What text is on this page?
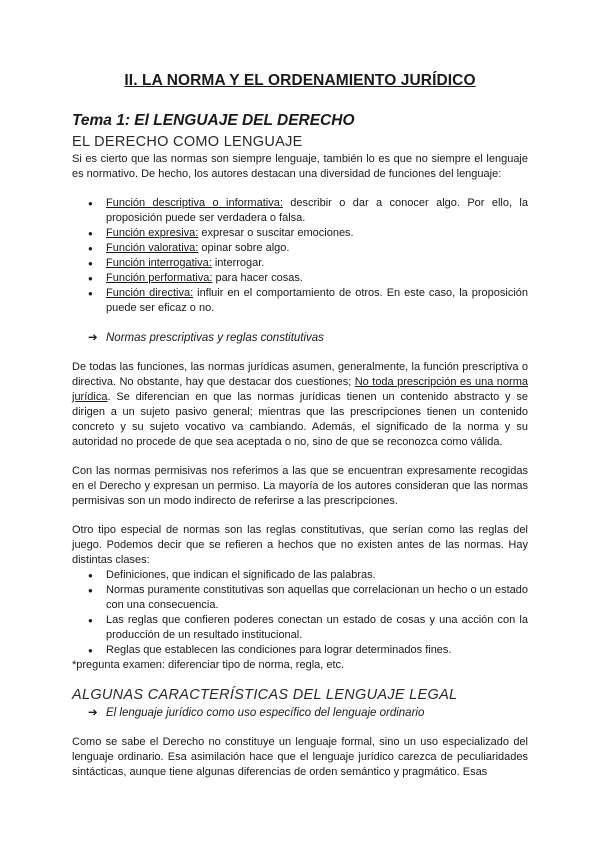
II. LA NORMA Y EL ORDENAMIENTO JURÍDICO
Tema 1: El LENGUAJE DEL DERECHO
EL DERECHO COMO LENGUAJE

Si es cierto que las normas son siempre lenguaje, también lo es que no siempre el lenguaje es normativo. De hecho, los autores destacan una diversidad de funciones del lenguaje:

● Función descriptiva o informativa: describir o dar a conocer algo. Por ello, la proposición puede ser verdadera o falsa.
● Función expresiva: expresar o suscitar emociones.
● Función valorativa: opinar sobre algo.
● Función interrogativa: interrogar.
● Función performativa: para hacer cosas.
● Función directiva: influir en el comportamiento de otros. En este caso, la proposición puede ser eficaz o no.
➔ Normas prescriptivas y reglas constitutivas

De todas las funciones, las normas jurídicas asumen, generalmente, la función prescriptiva o directiva. No obstante, hay que destacar dos cuestiones; No toda prescripción es una norma jurídica. Se diferencian en que las normas jurídicas tienen un contenido abstracto y se dirigen a un sujeto pasivo general; mientras que las prescripciones tienen un contenido concreto y su sujeto vocativo va cambiando. Además, el significado de la norma y su autoridad no procede de que sea aceptada o no, sino de que se reconozca como válida.

Con las normas permisivas nos referimos a las que se encuentran expresamente recogidas en el Derecho y expresan un permiso. La mayoría de los autores consideran que las normas permisivas son un modo indirecto de referirse a las prescripciones.

Otro tipo especial de normas son las reglas constitutivas, que serían como las reglas del juego. Podemos decir que se refieren a hechos que no existen antes de las normas. Hay distintas clases:

● Definiciones, que indican el significado de las palabras.
● Normas puramente constitutivas son aquellas que correlacionan un hecho o un estado con una consecuencia.
● Las reglas que confieren poderes conectan un estado de cosas y una acción con la producción de un resultado institucional.
● Reglas que establecen las condiciones para lograr determinados fines.

*pregunta examen: diferenciar tipo de norma, regla, etc.

ALGUNAS CARACTERÍSTICAS DEL LENGUAJE LEGAL
➔ El lenguaje jurídico como uso específico del lenguaje ordinario

Como se sabe el Derecho no constituye un lenguaje formal, sino un uso especializado del lenguaje ordinario. Esa asimilación hace que el lenguaje jurídico carezca de peculiaridades sintácticas, aunque tiene algunas diferencias de orden semántico y pragmático. Esas
